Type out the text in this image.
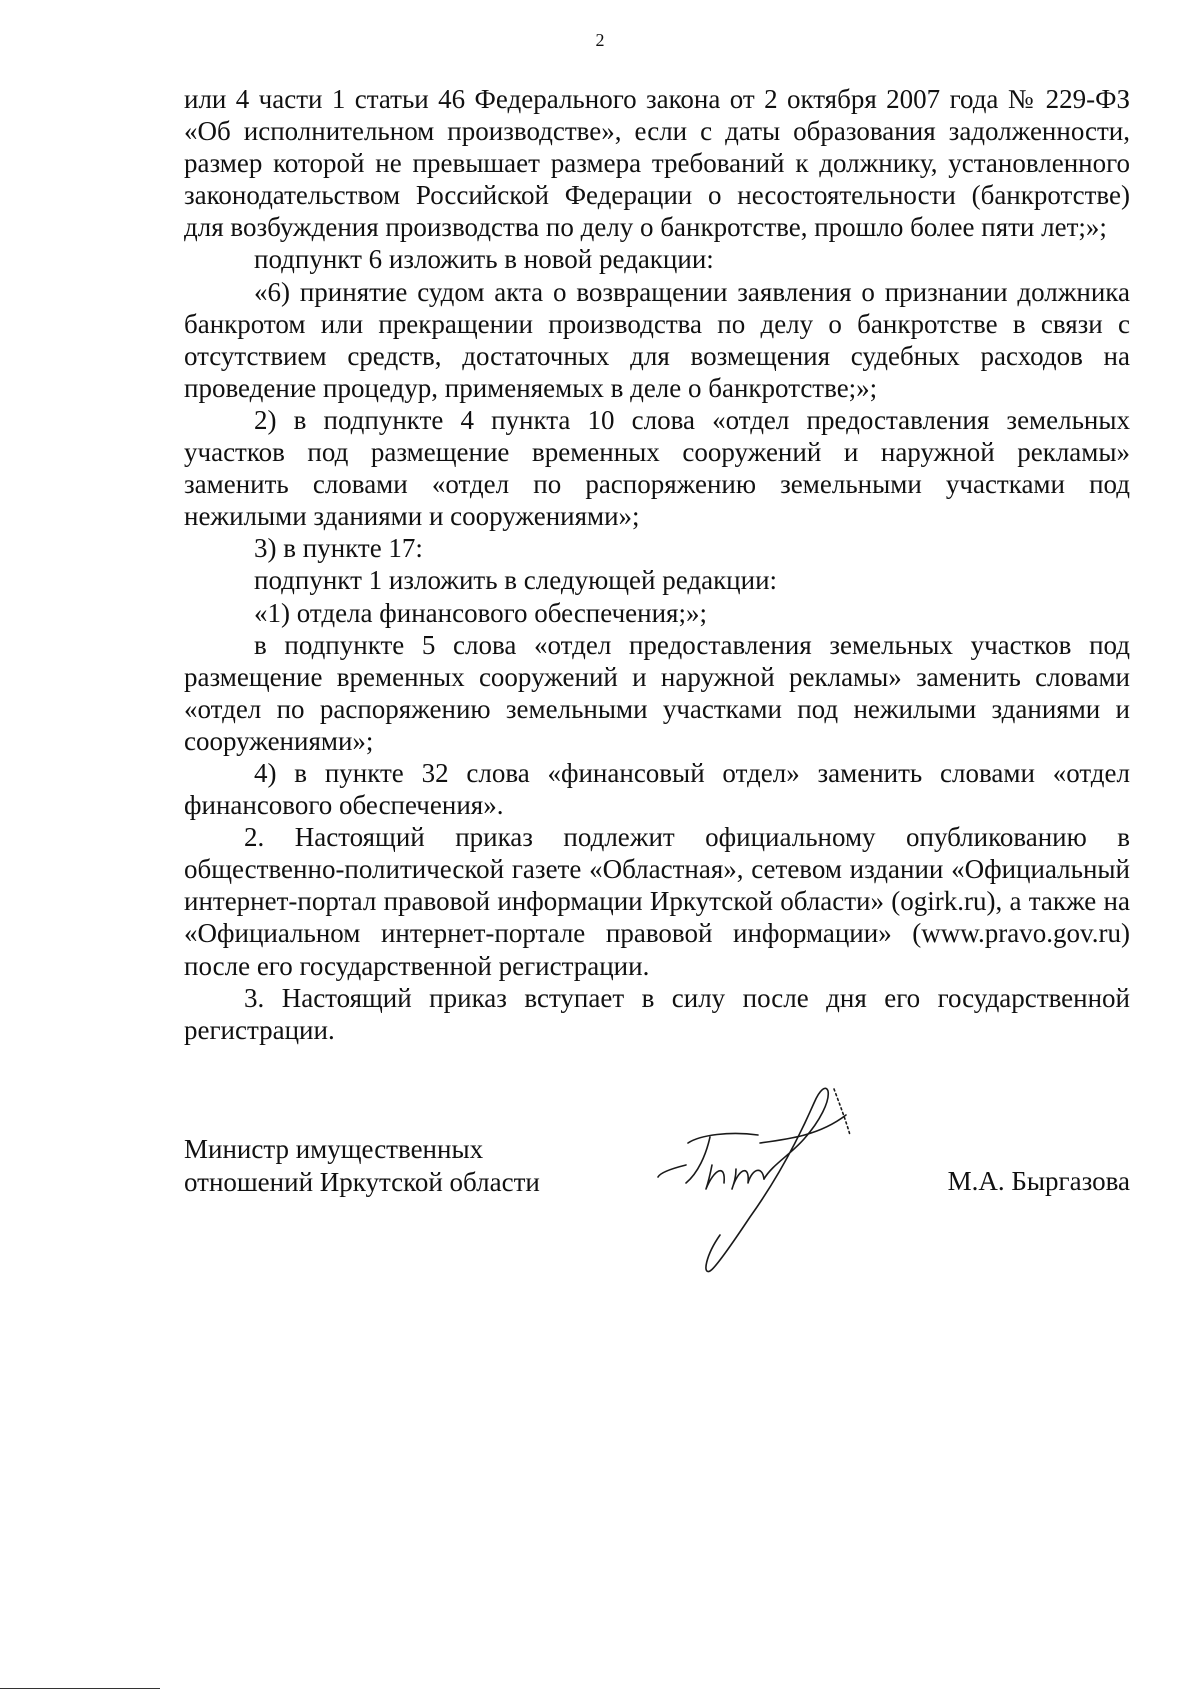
2

или 4 части 1 статьи 46 Федерального закона от 2 октября 2007 года № 229-ФЗ «Об исполнительном производстве», если с даты образования задолженности, размер которой не превышает размера требований к должнику, установленного законодательством Российской Федерации о несостоятельности (банкротстве) для возбуждения производства по делу о банкротстве, прошло более пяти лет;»;

подпункт 6 изложить в новой редакции:

«6) принятие судом акта о возвращении заявления о признании должника банкротом или прекращении производства по делу о банкротстве в связи с отсутствием средств, достаточных для возмещения судебных расходов на проведение процедур, применяемых в деле о банкротстве;»;

2) в подпункте 4 пункта 10 слова «отдел предоставления земельных участков под размещение временных сооружений и наружной рекламы» заменить словами «отдел по распоряжению земельными участками под нежилыми зданиями и сооружениями»;

3) в пункте 17:

подпункт 1 изложить в следующей редакции:

«1) отдела финансового обеспечения;»;

в подпункте 5 слова «отдел предоставления земельных участков под размещение временных сооружений и наружной рекламы» заменить словами «отдел по распоряжению земельными участками под нежилыми зданиями и сооружениями»;

4) в пункте 32 слова «финансовый отдел» заменить словами «отдел финансового обеспечения».

2. Настоящий приказ подлежит официальному опубликованию в общественно-политической газете «Областная», сетевом издании «Официальный интернет-портал правовой информации Иркутской области» (ogirk.ru), а также на «Официальном интернет-портале правовой информации» (www.pravo.gov.ru) после его государственной регистрации.

3. Настоящий приказ вступает в силу после дня его государственной регистрации.

Министр имущественных
отношений Иркутской области	М.А. Быргазова
